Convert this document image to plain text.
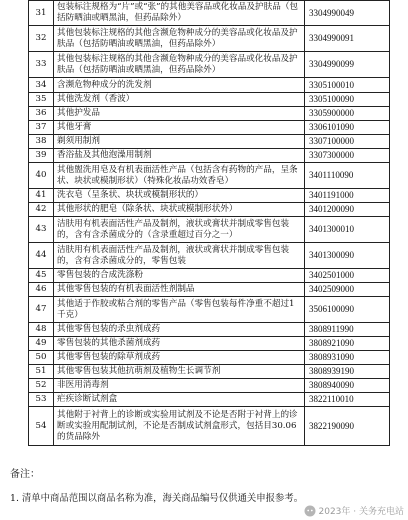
31	包装标注规格为“片”或“张”的其他美容品或化妆品及护肤品（包括防晒油或晒黑油，但药品除外）	3304990049
32	其他包装标注规格的其他含濒危物种成分的美容品或化妆品及护肤品（包括防晒油或晒黑油，但药品除外）	3304990091
33	其他包装标注规格的其他含濒危物种成分的美容品或化妆品及护肤品（包括防晒油或晒黑油，但药品除外）	3304990099
34	含濒危物种成分的洗发剂	3305100010
35	其他洗发剂（香波）	3305100090
36	其他护发品	3305900000
37	其他牙膏	3306101090
38	剃须用制剂	3307100000
39	香浴盐及其他泡澡用制剂	3307300000
40	其他盥洗用皂及有机表面活性产品（包括含有药物的产品，呈条状、块状或模制形状）（特殊化妆品功效香皂）	3401110090
41	洗衣皂（呈条状、块状或模制形状的）	3401191000
42	其他形状的肥皂（除条状、块状或模制形状外）	3401200090
43	洁肤用有机表面活性产品及制剂，液状或膏状并制成零售包装的，含有含杀菌成分的（含录重超过百分之一）	3401300010
44	洁肤用有机表面活性产品及制剂，液状或膏状并制成零售包装的，含有含杀菌成分的，零售包装	3401300090
45	零售包装的合成洗涤粉	3402501000
46	其他零售包装的有机表面活性剂制品	3402509000
47	其他适于作胶或粘合剂的零售产品（零售包装每件净重不超过1千克）	3506100090
48	其他零售包装的杀虫剂成药	3808911990
49	零售包装的其他杀菌剂成药	3808921090
50	其他零售包装的除草剂成药	3808931090
51	其他零售包装其他抗萌剂及植物生长调节剂	3808939190
52	非医用消毒剂	3808940090
53	疟疾诊断试剂盒	3822110010
54	其他附于衬背上的诊断或实验用试剂及不论是否附于衬背上的诊断或实验用配制试剂，不论是否制成试剂盒形式，包括目30.06的货品除外	3822190090
备注：
1. 清单中商品范围以商品名称为准，海关商品编号仅供通关申报参考。
2023年 · 关务充电站
